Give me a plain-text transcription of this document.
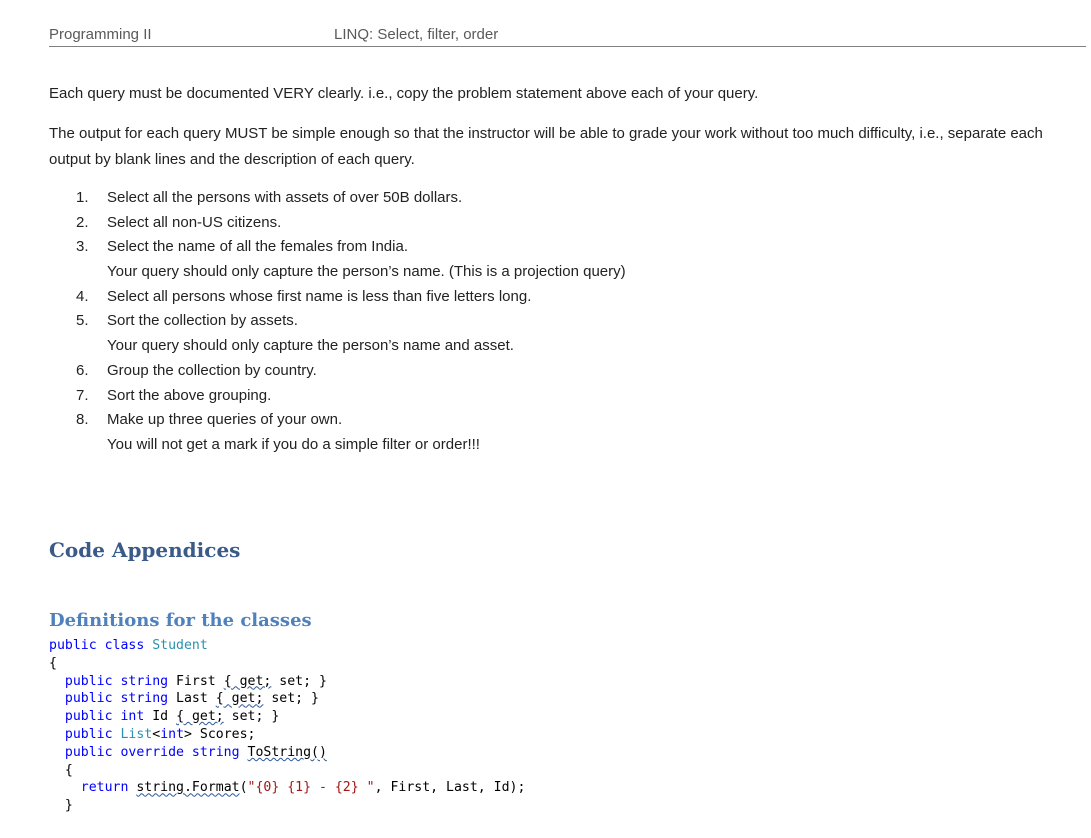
Programming II	LINQ: Select, filter, order

Each query must be documented VERY clearly. i.e., copy the problem statement above each of your query.

The output for each query MUST be simple enough so that the instructor will be able to grade your work without too much difficulty, i.e., separate each output by blank lines and the description of each query.

1.	Select all the persons with assets of over 50B dollars.
2.	Select all non-US citizens.
3.	Select the name of all the females from India.
Your query should only capture the person’s name. (This is a projection query)
4.	Select all persons whose first name is less than five letters long.
5.	Sort the collection by assets.
Your query should only capture the person’s name and asset.
6.	Group the collection by country.
7.	Sort the above grouping.
8.	Make up three queries of your own.
You will not get a mark if you do a simple filter or order!!!
Code Appendices
Definitions for the classes
public class Student
{
public string First { get; set; }
public string Last { get; set; }
public int Id { get; set; }
public List<int> Scores;
public override string ToString()
{
return string.Format("{0} {1} - {2} ", First, Last, Id);
}
